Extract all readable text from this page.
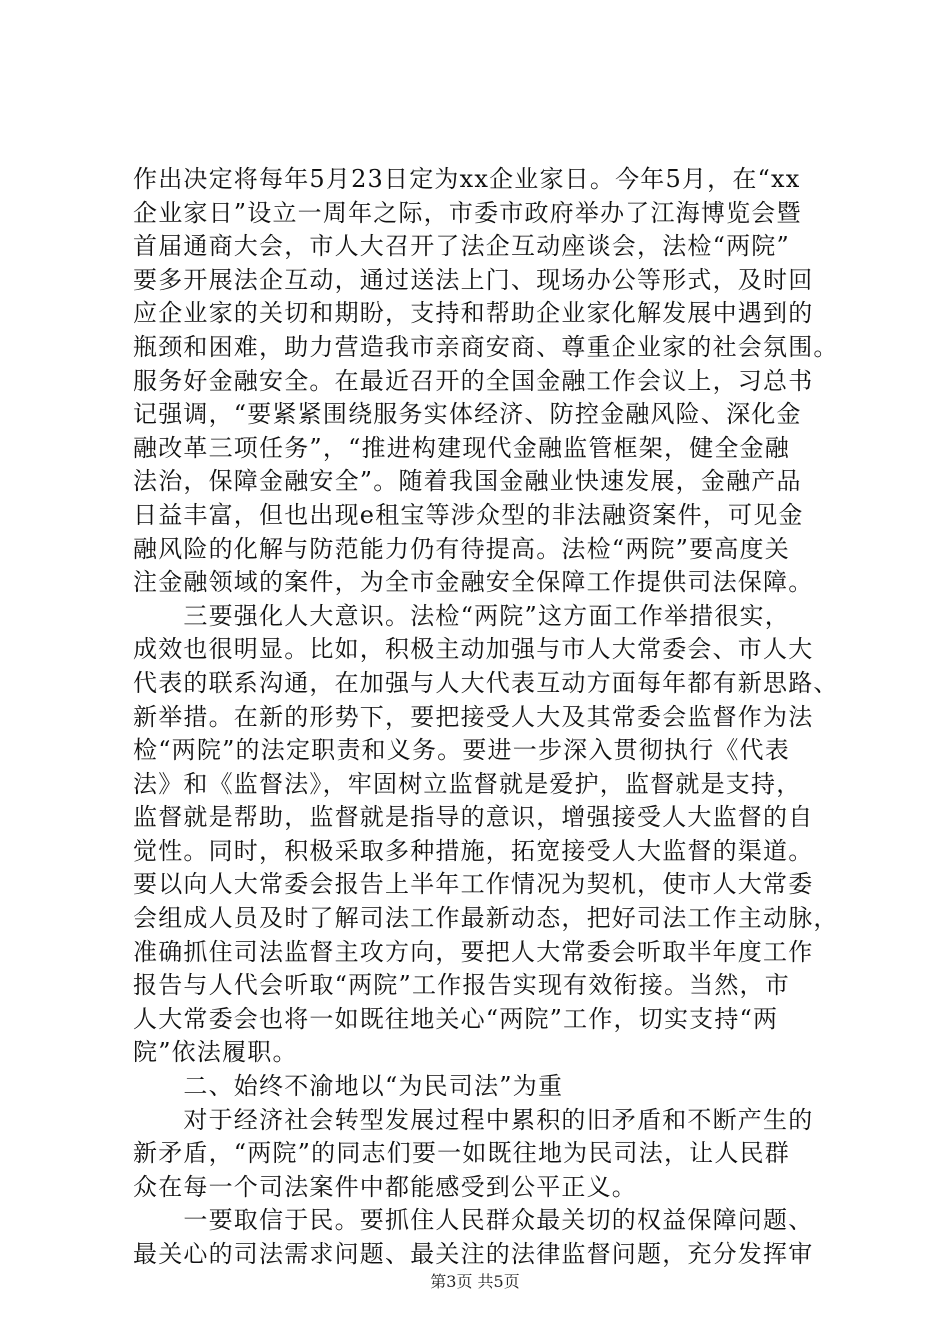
作出决定将每年5月23日定为xx企业家日。今年5月，在“xx
企业家日”设立一周年之际，市委市政府举办了江海博览会暨
首届通商大会，市人大召开了法企互动座谈会，法检“两院”
要多开展法企互动，通过送法上门、现场办公等形式，及时回
应企业家的关切和期盼，支持和帮助企业家化解发展中遇到的
瓶颈和困难，助力营造我市亲商安商、尊重企业家的社会氛围。
服务好金融安全。在最近召开的全国金融工作会议上，习总书
记强调，“要紧紧围绕服务实体经济、防控金融风险、深化金
融改革三项任务”，“推进构建现代金融监管框架，健全金融
法治，保障金融安全”。随着我国金融业快速发展，金融产品
日益丰富，但也出现e租宝等涉众型的非法融资案件，可见金
融风险的化解与防范能力仍有待提高。法检“两院”要高度关
注金融领域的案件，为全市金融安全保障工作提供司法保障。
　　三要强化人大意识。法检“两院”这方面工作举措很实，
成效也很明显。比如，积极主动加强与市人大常委会、市人大
代表的联系沟通，在加强与人大代表互动方面每年都有新思路、
新举措。在新的形势下，要把接受人大及其常委会监督作为法
检“两院”的法定职责和义务。要进一步深入贯彻执行《代表
法》和《监督法》，牢固树立监督就是爱护，监督就是支持，
监督就是帮助，监督就是指导的意识，增强接受人大监督的自
觉性。同时，积极采取多种措施，拓宽接受人大监督的渠道。
要以向人大常委会报告上半年工作情况为契机，使市人大常委
会组成人员及时了解司法工作最新动态，把好司法工作主动脉，
准确抓住司法监督主攻方向，要把人大常委会听取半年度工作
报告与人代会听取“两院”工作报告实现有效衔接。当然，市
人大常委会也将一如既往地关心“两院”工作，切实支持“两
院”依法履职。
　　二、始终不渝地以“为民司法”为重
　　对于经济社会转型发展过程中累积的旧矛盾和不断产生的
新矛盾，“两院”的同志们要一如既往地为民司法，让人民群
众在每一个司法案件中都能感受到公平正义。
　　一要取信于民。要抓住人民群众最关切的权益保障问题、
最关心的司法需求问题、最关注的法律监督问题，充分发挥审
第3页 共5页
